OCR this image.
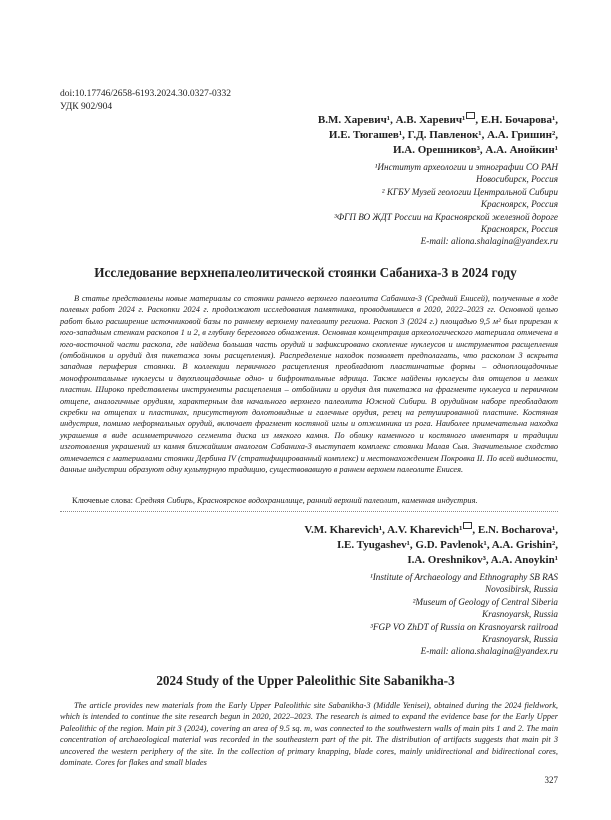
doi:10.17746/2658-6193.2024.30.0327-0332
УДК 902/904
В.М. Харевич¹, А.В. Харевич¹ , Е.Н. Бочарова¹,
И.Е. Тюгашев¹, Г.Д. Павленок¹, А.А. Гришин²,
И.А. Орешников³, А.А. Анойкин¹
¹Институт археологии и этнографии СО РАН
Новосибирск, Россия
² КГБУ Музей геологии Центральной Сибири
Красноярск, Россия
³ФГП ВО ЖДТ России на Красноярской железной дороге
Красноярск, Россия
E-mail: aliona.shalagina@yandex.ru
Исследование верхнепалеолитической стоянки Сабаниха-3 в 2024 году

В статье представлены новые материалы со стоянки раннего верхнего палеолита Сабаниха-3 (Средний Енисей), полученные в ходе полевых работ 2024 г. Раскопки 2024 г. продолжают исследования памятника, проводившиеся в 2020, 2022–2023 гг. Основной целью работ было расширение источниковой базы по раннему верхнему палеолиту региона. Раскоп 3 (2024 г.) площадью 9,5 м² был прирезан к юго-западным стенкам раскопов 1 и 2, в глубину берегового обнажения. Основная концентрация археологического материала отмечена в юго-восточной части раскопа, где найдена большая часть орудий и зафиксировано скопление нуклеусов и инструментов расщепления (отбойников и орудий для пикетажа зоны расщепления). Распределение находок позволяет предполагать, что раскопом 3 вскрыта западная периферия стоянки. В коллекции первичного расщепления преобладают пластинчатые формы – одноплощадочные монофронтальные нуклеусы и двухплощадочные одно- и бифронтальные ядрища. Также найдены нуклеусы для отщепов и мелких пластин. Широко представлены инструменты расщепления – отбойники и орудия для пикетажа на фрагменте нуклеуса и первичном отщепе, аналогичные орудиям, характерным для начального верхнего палеолита Южной Сибири. В орудийном наборе преобладают скребки на отщепах и пластинах, присутствуют долотовидные и галечные орудия, резец на ретушированной пластине. Костяная индустрия, помимо неформальных орудий, включает фрагмент костяной иглы и отжимника из рога. Наиболее примечательна находка украшения в виде асимметричного сегмента диска из мягкого камня. По облику каменного и костяного инвентаря и традиции изготовления украшений из камня ближайшим аналогом Сабаниха-3 выступает комплекс стоянки Малая Сыя. Значительное сходство отмечается с материалами стоянки Дербина IV (стратифицированный комплекс) и местонахождением Покровка II. По всей видимости, данные индустрии образуют одну культурную традицию, существовавшую в раннем верхнем палеолите Енисея.

Ключевые слова: Средняя Сибирь, Красноярское водохранилище, ранний верхний палеолит, каменная индустрия.
V.M. Kharevich¹, A.V. Kharevich¹ , E.N. Bocharova¹,
I.E. Tyugashev¹, G.D. Pavlenok¹, A.A. Grishin²,
I.A. Oreshnikov³, A.A. Anoykin¹
¹Institute of Archaeology and Ethnography SB RAS
Novosibirsk, Russia
²Museum of Geology of Central Siberia
Krasnoyarsk, Russia
³FGP VO ZhDT of Russia on Krasnoyarsk railroad
Krasnoyarsk, Russia
E-mail: aliona.shalagina@yandex.ru
2024 Study of the Upper Paleolithic Site Sabanikha-3

The article provides new materials from the Early Upper Paleolithic site Sabanikha-3 (Middle Yenisei), obtained during the 2024 fieldwork, which is intended to continue the site research begun in 2020, 2022–2023. The research is aimed to expand the evidence base for the Early Upper Paleolithic of the region. Main pit 3 (2024), covering an area of 9.5 sq. m, was connected to the southwestern walls of main pits 1 and 2. The main concentration of archaeological material was recorded in the southeastern part of the pit. The distribution of artifacts suggests that main pit 3 uncovered the western periphery of the site. In the collection of primary knapping, blade cores, mainly unidirectional and bidirectional cores, dominate. Cores for flakes and small blades

327
